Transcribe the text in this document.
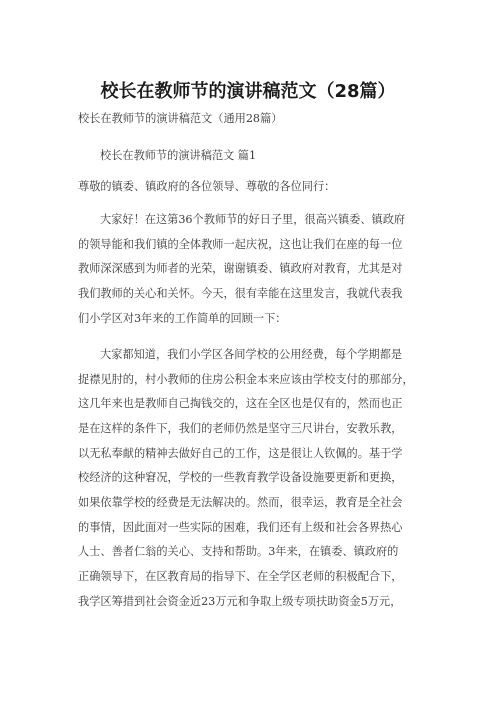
校长在教师节的演讲稿范文（28篇）
校长在教师节的演讲稿范文（通用28篇）
校长在教师节的演讲稿范文 篇1
尊敬的镇委、镇政府的各位领导、尊敬的各位同行：
大家好！在这第36个教师节的好日子里，很高兴镇委、镇政府
的领导能和我们镇的全体教师一起庆祝，这也让我们在座的每一位
教师深深感到为师者的光荣，谢谢镇委、镇政府对教育，尤其是对
我们教师的关心和关怀。今天，很有幸能在这里发言，我就代表我
们小学区对3年来的工作简单的回顾一下：
大家都知道，我们小学区各间学校的公用经费，每个学期都是
捉襟见肘的，村小教师的住房公积金本来应该由学校支付的那部分，
这几年来也是教师自己掏钱交的，这在全区也是仅有的，然而也正
是在这样的条件下，我们的老师仍然是坚守三尺讲台，安教乐教，
以无私奉献的精神去做好自己的工作，这是很让人钦佩的。基于学
校经济的这种窘况，学校的一些教育教学设备设施要更新和更换，
如果依靠学校的经费是无法解决的。然而，很幸运，教育是全社会
的事情，因此面对一些实际的困难，我们还有上级和社会各界热心
人士、善者仁翁的关心、支持和帮助。3年来，在镇委、镇政府的
正确领导下，在区教育局的指导下、在全学区老师的积极配合下，
我学区筹措到社会资金近23万元和争取上级专项扶助资金5万元，
